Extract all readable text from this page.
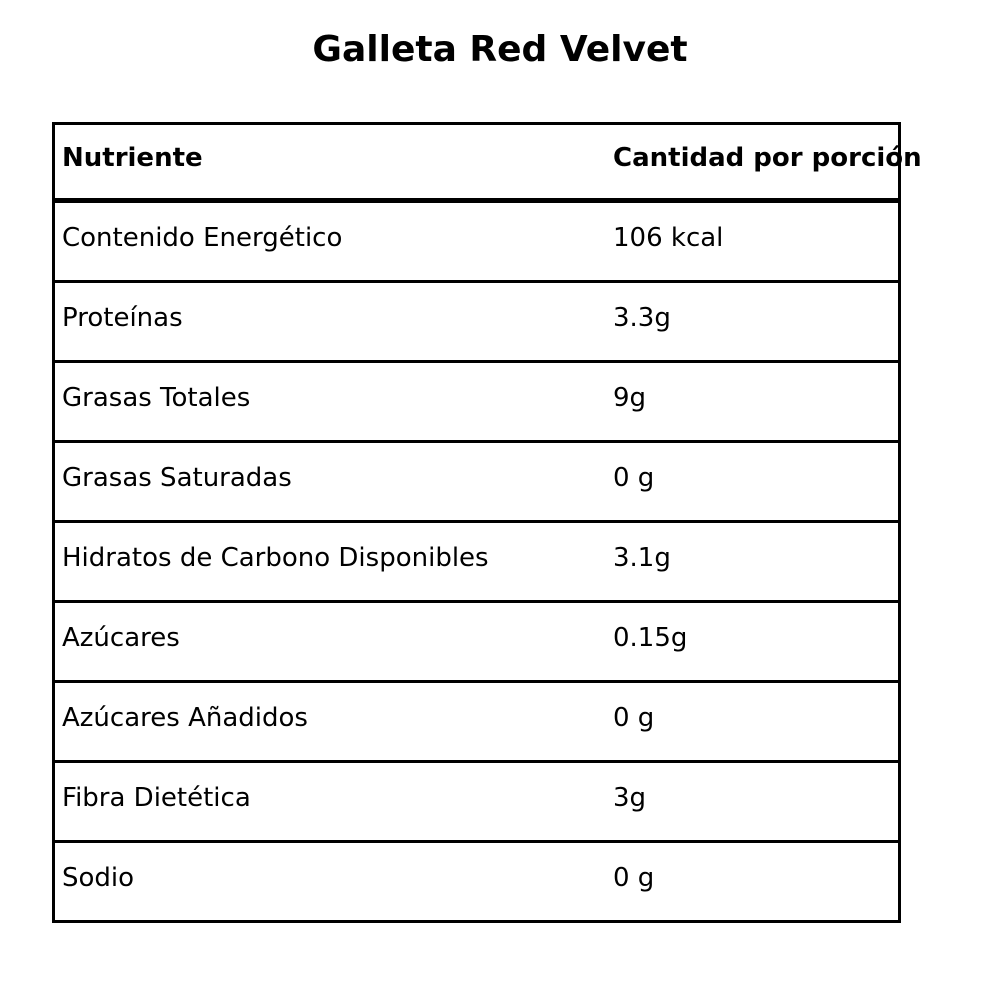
Galleta Red Velvet
Nutriente	Cantidad por porción
Contenido Energético	106 kcal
Proteínas	3.3g
Grasas Totales	9g
Grasas Saturadas	0 g
Hidratos de Carbono Disponibles	3.1g
Azúcares	0.15g
Azúcares Añadidos	0 g
Fibra Dietética	3g
Sodio	0 g
